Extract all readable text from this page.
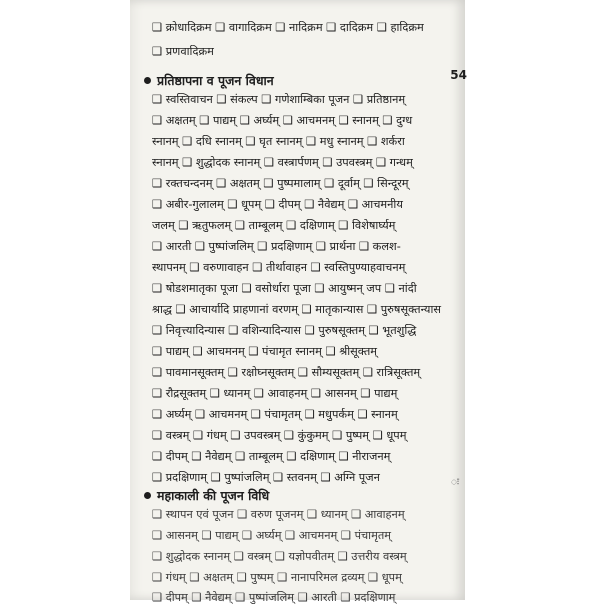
54
❑ क्रोधादिक्रम ❑ वागादिक्रम ❑ नादिक्रम ❑ दादिक्रम ❑ हादिक्रम
❑ प्रणवादिक्रम
प्रतिष्ठापना व पूजन विधान
❑ स्वस्तिवाचन ❑ संकल्प ❑ गणेशाम्बिका पूजन ❑ प्रतिष्ठानम्
❑ अक्षतम् ❑ पाद्यम् ❑ अर्घ्यम् ❑ आचमनम् ❑ स्नानम् ❑ दुग्ध
स्नानम् ❑ दधि स्नानम् ❑ घृत स्नानम् ❑ मधु स्नानम् ❑ शर्करा
स्नानम् ❑ शुद्धोदक स्नानम् ❑ वस्त्रार्पणम् ❑ उपवस्त्रम् ❑ गन्धम्
❑ रक्तचन्दनम् ❑ अक्षतम् ❑ पुष्पमालाम् ❑ दूर्वाम् ❑ सिन्दूरम्
❑ अबीर-गुलालम् ❑ धूपम् ❑ दीपम् ❑ नैवेद्यम् ❑ आचमनीय
जलम् ❑ ऋतुफलम् ❑ ताम्बूलम् ❑ दक्षिणाम् ❑ विशेषार्घ्यम्
❑ आरती ❑ पुष्पांजलिम् ❑ प्रदक्षिणाम् ❑ प्रार्थना ❑ कलश-
स्थापनम् ❑ वरुणावाहन ❑ तीर्थावाहन ❑ स्वस्तिपुण्याहवाचनम्
❑ षोडशमातृका पूजा ❑ वसोर्धारा पूजा ❑ आयुष्मन् जप ❑ नांदी
श्राद्ध ❑ आचार्यादि प्राहणानां वरणम् ❑ मातृकान्यास ❑ पुरुषसूक्तन्यास
❑ निवृत्त्यादिन्यास ❑ वशिन्यादिन्यास ❑ पुरुषसूक्तम् ❑ भूतशुद्धि
❑ पाद्यम् ❑ आचमनम् ❑ पंचामृत स्नानम् ❑ श्रीसूक्तम्
❑ पावमानसूक्तम् ❑ रक्षोघ्नसूक्तम् ❑ सौम्यसूक्तम् ❑ रात्रिसूक्तम्
❑ रौद्रसूक्तम् ❑ ध्यानम् ❑ आवाहनम् ❑ आसनम् ❑ पाद्यम्
❑ अर्घ्यम् ❑ आचमनम् ❑ पंचामृतम् ❑ मधुपर्कम् ❑ स्नानम्
❑ वस्त्रम् ❑ गंधम् ❑ उपवस्त्रम् ❑ कुंकुमम् ❑ पुष्पम् ❑ धूपम्
❑ दीपम् ❑ नैवेद्यम् ❑ ताम्बूलम् ❑ दक्षिणाम् ❑ नीराजनम्
❑ प्रदक्षिणाम् ❑ पुष्पांजलिम् ❑ स्तवनम् ❑ अग्नि पूजन	ः
महाकाली की पूजन विधि
❑ स्थापन एवं पूजन ❑ वरुण पूजनम् ❑ ध्यानम् ❑ आवाहनम्
❑ आसनम् ❑ पाद्यम् ❑ अर्घ्यम् ❑ आचमनम् ❑ पंचामृतम्
❑ शुद्धोदक स्नानम् ❑ वस्त्रम् ❑ यज्ञोपवीतम् ❑ उत्तरीय वस्त्रम्
❑ गंधम् ❑ अक्षतम् ❑ पुष्पम् ❑ नानापरिमल द्रव्यम् ❑ धूपम्
❑ दीपम् ❑ नैवेद्यम् ❑ पुष्पांजलिम् ❑ आरती ❑ प्रदक्षिणाम्
